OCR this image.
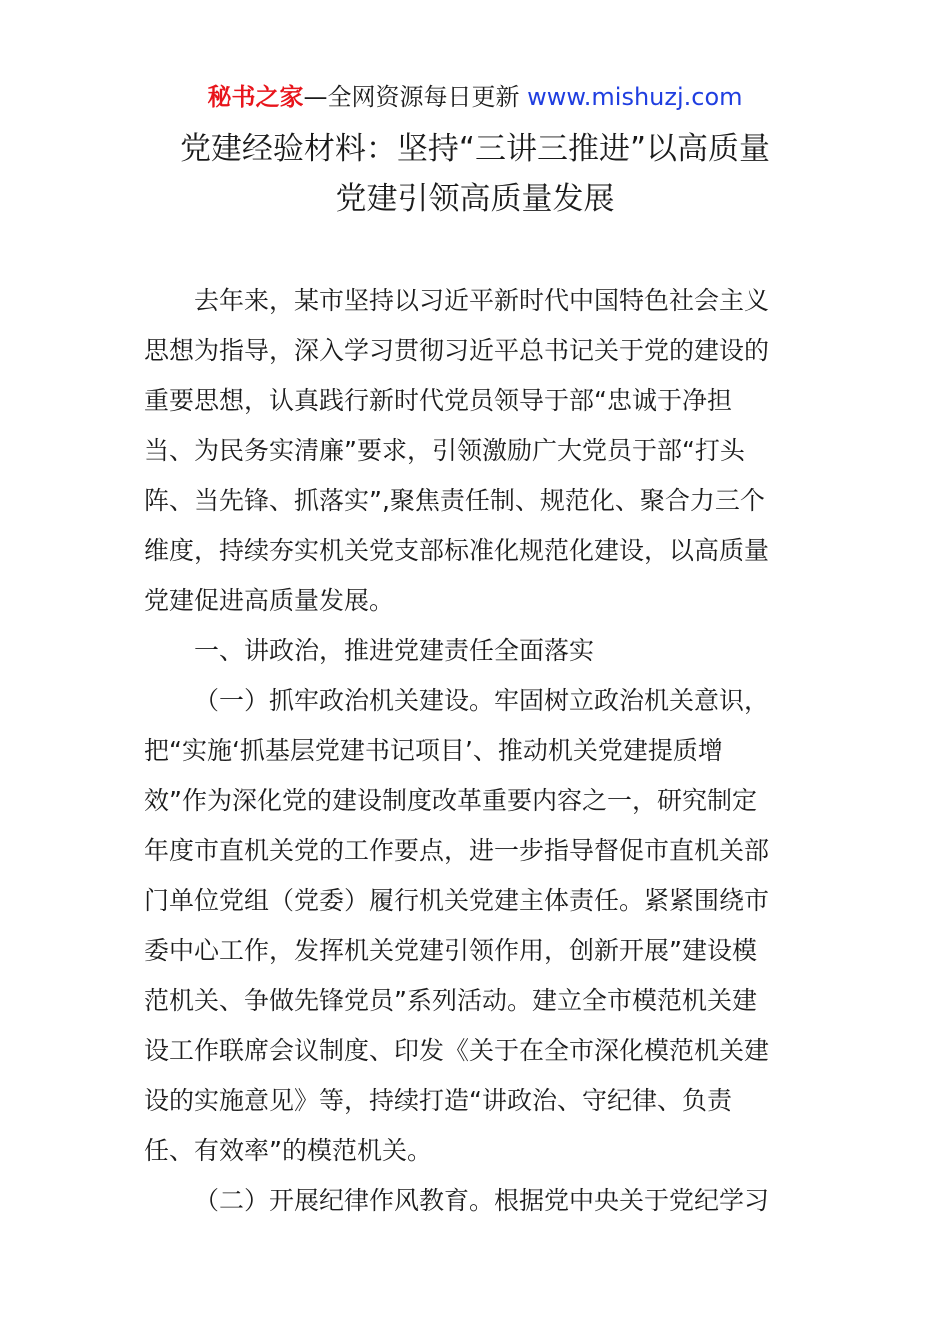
秘书之家—全网资源每日更新 www.mishuzj.com
党建经验材料：坚持“三讲三推进”以高质量
党建引领高质量发展

去年来，某市坚持以习近平新时代中国特色社会主义
思想为指导，深入学习贯彻习近平总书记关于党的建设的
重要思想，认真践行新时代党员领导于部“忠诚于净担
当、为民务实清廉”要求，引领激励广大党员于部“打头
阵、当先锋、抓落实”,聚焦责任制、规范化、聚合力三个
维度，持续夯实机关党支部标准化规范化建设，以高质量
党建促进高质量发展。

一、讲政治，推进党建责任全面落实

（一）抓牢政治机关建设。牢固树立政治机关意识，
把“实施‘抓基层党建书记项目’、推动机关党建提质增
效”作为深化党的建设制度改革重要内容之一，研究制定
年度市直机关党的工作要点，进一步指导督促市直机关部
门单位党组（党委）履行机关党建主体责任。紧紧围绕市
委中心工作，发挥机关党建引领作用，创新开展”建设模
范机关、争做先锋党员”系列活动。建立全市模范机关建
设工作联席会议制度、印发《关于在全市深化模范机关建
设的实施意见》等，持续打造“讲政治、守纪律、负责
任、有效率”的模范机关。

（二）开展纪律作风教育。根据党中央关于党纪学习
